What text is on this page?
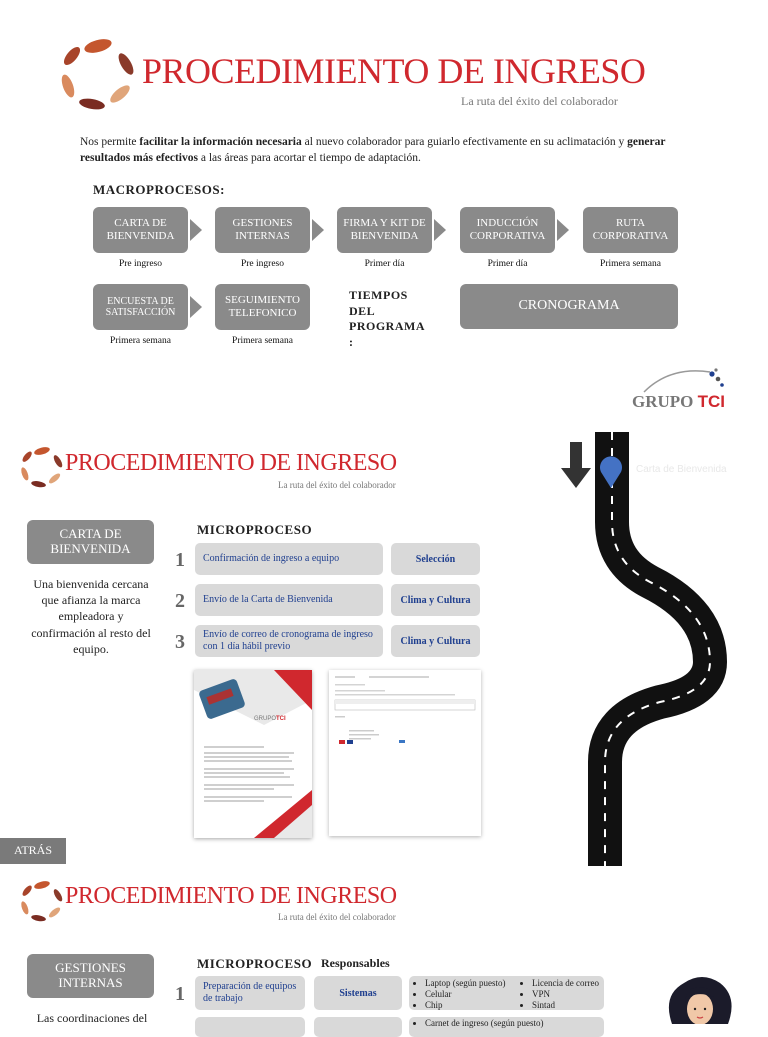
PROCEDIMIENTO DE INGRESO
La ruta del éxito del colaborador
Nos permite facilitar la información necesaria al nuevo colaborador para guiarlo efectivamente en su aclimatación y generar resultados más efectivos a las áreas para acortar el tiempo de adaptación.
MACROPROCESOS:
CARTA DE BIENVENIDA
GESTIONES INTERNAS
FIRMA Y KIT DE BIENVENIDA
INDUCCIÓN CORPORATIVA
RUTA CORPORATIVA
Pre ingreso	Pre ingreso	Primer día	Primer día	Primera semana
ENCUESTA DE SATISFACCIÓN
SEGUIMIENTO TELEFONICO
Primera semana	Primera semana
TIEMPOS DEL PROGRAMA :
CRONOGRAMA
GRUPO TCI
PROCEDIMIENTO DE INGRESO
La ruta del éxito del colaborador
CARTA DE BIENVENIDA
Una bienvenida cercana que afianza la marca empleadora y confirmación al resto del equipo.
MICROPROCESO
1	Confirmación de ingreso a equipo	Selección
2	Envío de la Carta de Bienvenida	Clima y Cultura
3	Envío de correo de cronograma de ingreso con 1 día hábil previo	Clima y Cultura
GRUPO TCI
Carta de Bienvenida
ATRÁS
PROCEDIMIENTO DE INGRESO
La ruta del éxito del colaborador
GESTIONES INTERNAS
Las coordinaciones del
MICROPROCESO Responsables
1	Preparación de equipos de trabajo	Sistemas
• Laptop (según puesto)
• Celular
• Chip
• Licencia de correo
• VPN
• Sintad
• Carnet de ingreso (según puesto)
